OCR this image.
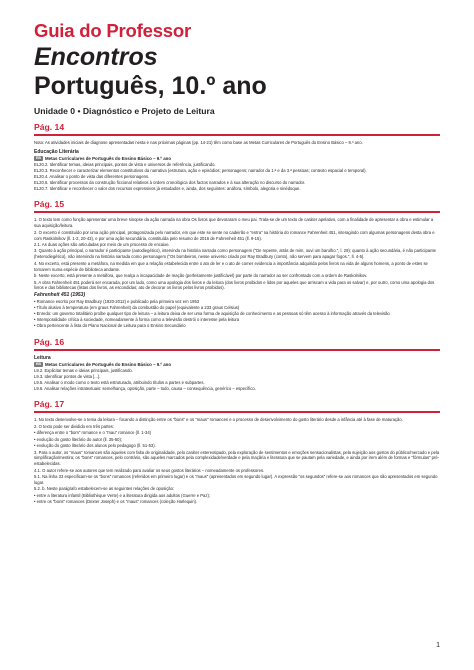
Guia do Professor
Encontros
Português, 10.º ano
Unidade 0 • Diagnóstico e Projeto de Leitura
Pág. 14
Nota: As atividades iniciais de diagnose apresentadas nesta e nas próximas páginas (pp. 14-21) têm como base as Metas Curriculares de Português do Ensino Básico – 9.º ano.
Educação Literária
EB Metas Curriculares de Português do Ensino Básico – 9.º ano
EL20.2. Identificar temas, ideias principais, pontos de vista e universos de referência, justificando.
EL20.3. Reconhecer e caracterizar elementos constitutivos da narrativa (estrutura, ação e episódios; personagens; narrador da 1.ª e da 3.ª pessoas; contexto espacial e temporal).
EL20.4. Analisar o ponto de vista das diferentes personagens.
EL20.6. Identificar processos da construção ficcional relativos à ordem cronológica dos factos narrados e à sua alteração no discurso do narrador.
EL20.7. Identificar e reconhecer o valor dos recursos expressivos já estudados e, ainda, dos seguintes: anáfora, símbolo, alegoria e sinédoque.
Pág. 15
1. O texto tem como função apresentar uma breve sinopse da ação narrada na obra Os livros que devoraram o meu pai. Trata-se de um texto de caráter apelativo, com a finalidade de apresentar a obra e estimular a sua aquisição/leitura.
2. O excerto é constituído por uma ação principal, protagonizada pelo narrador, em que este se sente no cadeirão e "entra" na história do romance Fahrenheit 451, interagindo com algumas personagens desta obra e com Raskolnikov (ll. 1-2, 20-43), e por uma ação secundária, constituída pelo resumo de 2016 de Fahrenheit 451 (ll. 9-15).
2.1. As duas ações são articuladas por meio de um processo de encaixe.
3. Quanto à ação principal, o narrador é participante (autodiegético), intervindo na história narrada como personagem ("De repente, atrás de mim, ouvi um barulho.", l. 29); quanto à ação secundária, é não participante (heterodiegético), não intervindo na história narrada como personagem ("Os bombeiros, nesse universo criado por Ray Bradbury (conto), não servem para apagar fogos.", ll. 4-5).
4. No excerto, está presente a metáfora, na medida em que a relação estabelecida entre o ato de ler e o ato de comer evidencia a importância adquirida pelos livros na vida de alguns homens, a ponto de estes se tornarem numa espécie de biblioteca andante.
b. Neste excerto, está presente a metáfora, que realça a incapacidade de reação (perfeitamente justificável) por parte do narrador ao ser confrontado com a ordem de Raskolnikov.
5. A obra Fahrenheit 451 poderá ser encarada, por um lado, como uma apologia dos livros e da leitura (dos livros proibidos e lidos por aqueles que arriscam a vida para os salvar) e, por outro, como uma apologia dos livros e das bibliotecas (listas dos livros, as escondidas; ato de decorar os livros pelos livros proibidos).
Fahrenheit 451 (1953)
• Romance escrito por Ray Bradbury (1920-2012) e publicado pela primeira vez em 1953
• Título alusivo à temperatura (em graus Fahrenheit) da combustão do papel (equivalente a 233 graus Celsius)
• Enredo: um governo totalitário proíbe qualquer tipo de leitura – a leitura deixa de ser uma forma de aquisição de conhecimento e as pessoas só têm acesso à informação através da televisão
• Intemporalidade crítica à sociedade, nomeadamente à forma como a televisão destrói o interesse pela leitura
• Obra pertencente à lista do Plano Nacional de Leitura para o Ensino Secundário
Pág. 16
Leitura
EB Metas Curriculares de Português do Ensino Básico – 9.º ano
L9.2. Explicitar temas e ideias principais, justificando.
L9.3. Identificar pontos de vista [...].
L9.5. Analisar o modo como o texto está estruturado, atribuindo títulos a partes e subpartes.
L9.6. Analisar relações intratextuais: semelhança, oposição, parte – todo, causa – consequência, genérico – específico.
Pág. 17
1. No texto desenvolve-se o tema da leitura – focando a distinção entre os "bons" e os "maus" romances e o processo de desenvolvimento do gosto literário desde a infância até à fase de maturação.
2. O texto pode ser dividido em três partes:
• diferença entre o "bom" romance e o "mau" romance (ll. 1-34)
• evolução do gosto literário do autor (ll. 35-50);
• evolução do gosto literário dos alunos pelo pedagogo (ll. 51-53).
3. Para o autor, os "maus" romances são aqueles com falta de originalidade, pelo caráter estereotipado, pela exploração de sentimentos e emoções sensacionalistas, pela sujeição aos gostos do público/mercado e pela simplificação/mentira; os "bons" romances, pelo contrário, são aqueles marcados pela complexidade/verdade e pela maçãria e literatura que se pautam pela variedade, e ainda por irem além de formas e "fórmulas" pré-estabelecidas.
4.1. O autor refere-se aos autores que tem realizado para avaliar os seus gostos literários – nomeadamente os professores.
5.1. Na linha 33 especificam-se os "bons" romances (referidos em primeiro lugar) e os "maus" (apresentados em segundo lugar). A expressão "os segundos" refere-se aos romances que são apresentados em segundo lugar.
5.2. b. Neste parágrafo estabelecem-se as seguintes relações de oposição:
• entre a literatura infantil (Bibliothèque Verte) e a literatura dirigida aos adultos (Guerre e Paz);
• entre os "bons" romances (Dexter Joseph) e os "maus" romances (coleção Harlequin).
1
